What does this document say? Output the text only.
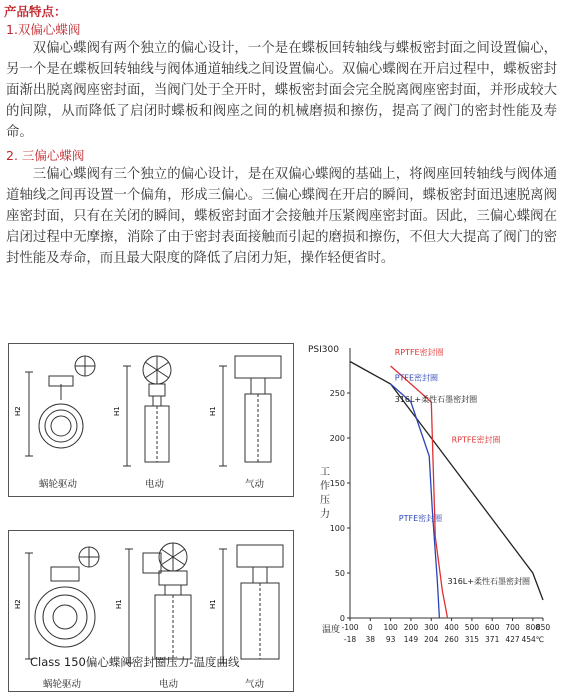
产品特点：
1.双偏心蝶阀
双偏心蝶阀有两个独立的偏心设计，一个是在蝶板回转轴线与蝶板密封面之间设置偏心，另一个是在蝶板回转轴线与阀体通道轴线之间设置偏心。双偏心蝶阀在开启过程中，蝶板密封面渐出脱离阀座密封面，当阀门处于全开时，蝶板密封面会完全脱离阀座密封面，并形成较大的间隙，从而降低了启闭时蝶板和阀座之间的机械磨损和擦伤，提高了阀门的密封性能及寿命。
2. 三偏心蝶阀
三偏心蝶阀有三个独立的偏心设计，是在双偏心蝶阀的基础上，将阀座回转轴线与阀体通道轴线之间再设置一个偏角，形成三偏心。三偏心蝶阀在开启的瞬间，蝶板密封面迅速脱离阀座密封面，只有在关闭的瞬间，蝶板密封面才会接触并压紧阀座密封面。因此，三偏心蝶阀在启闭过程中无摩擦，消除了由于密封表面接触而引起的磨损和擦伤，不但大大提高了阀门的密封性能及寿命，而且最大限度的降低了启闭力矩，操作轻便省时。
H2	H1	H1
蜗轮驱动	电动	气动
H2	H1	H1
蜗轮驱动	电动	气动
PSI300
0
50
100
150
200
250
工
作
压
力
-100 0 100 200 300 400 500 600 700 800
850
-18 38 93 149 204 260 315 371 427 454℃
温度
RPTFE密封圈
PTFE密封圈
316L+柔性石墨密封圈
RPTFE密封圈
PTFE密封圈
316L+柔性石墨密封圈
Class 150偏心蝶阀密封圈压力-温度曲线
